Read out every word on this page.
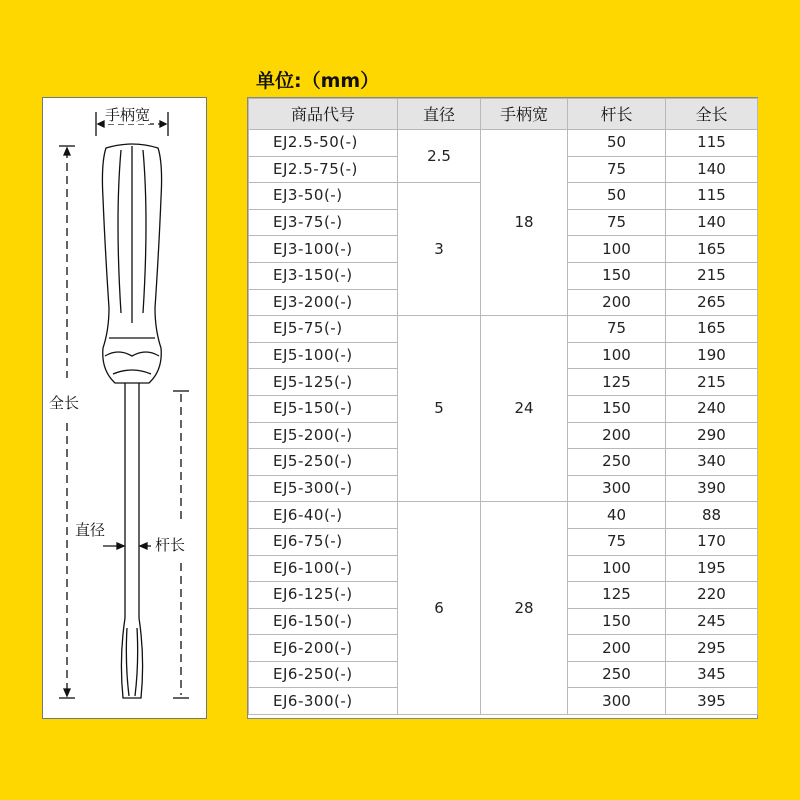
单位:（mm）
手柄宽
全长
直径
杆长
商品代号	直径	手柄宽	杆长	全长
EJ2.5-50(-)	2.5	18	50	115
EJ2.5-75(-)			75	140
EJ3-50(-)	3		50	115
EJ3-75(-)			75	140
EJ3-100(-)			100	165
EJ3-150(-)			150	215
EJ3-200(-)			200	265
EJ5-75(-)	5	24	75	165
EJ5-100(-)			100	190
EJ5-125(-)			125	215
EJ5-150(-)			150	240
EJ5-200(-)			200	290
EJ5-250(-)			250	340
EJ5-300(-)			300	390
EJ6-40(-)	6	28	40	88
EJ6-75(-)			75	170
EJ6-100(-)			100	195
EJ6-125(-)			125	220
EJ6-150(-)			150	245
EJ6-200(-)			200	295
EJ6-250(-)			250	345
EJ6-300(-)			300	395
